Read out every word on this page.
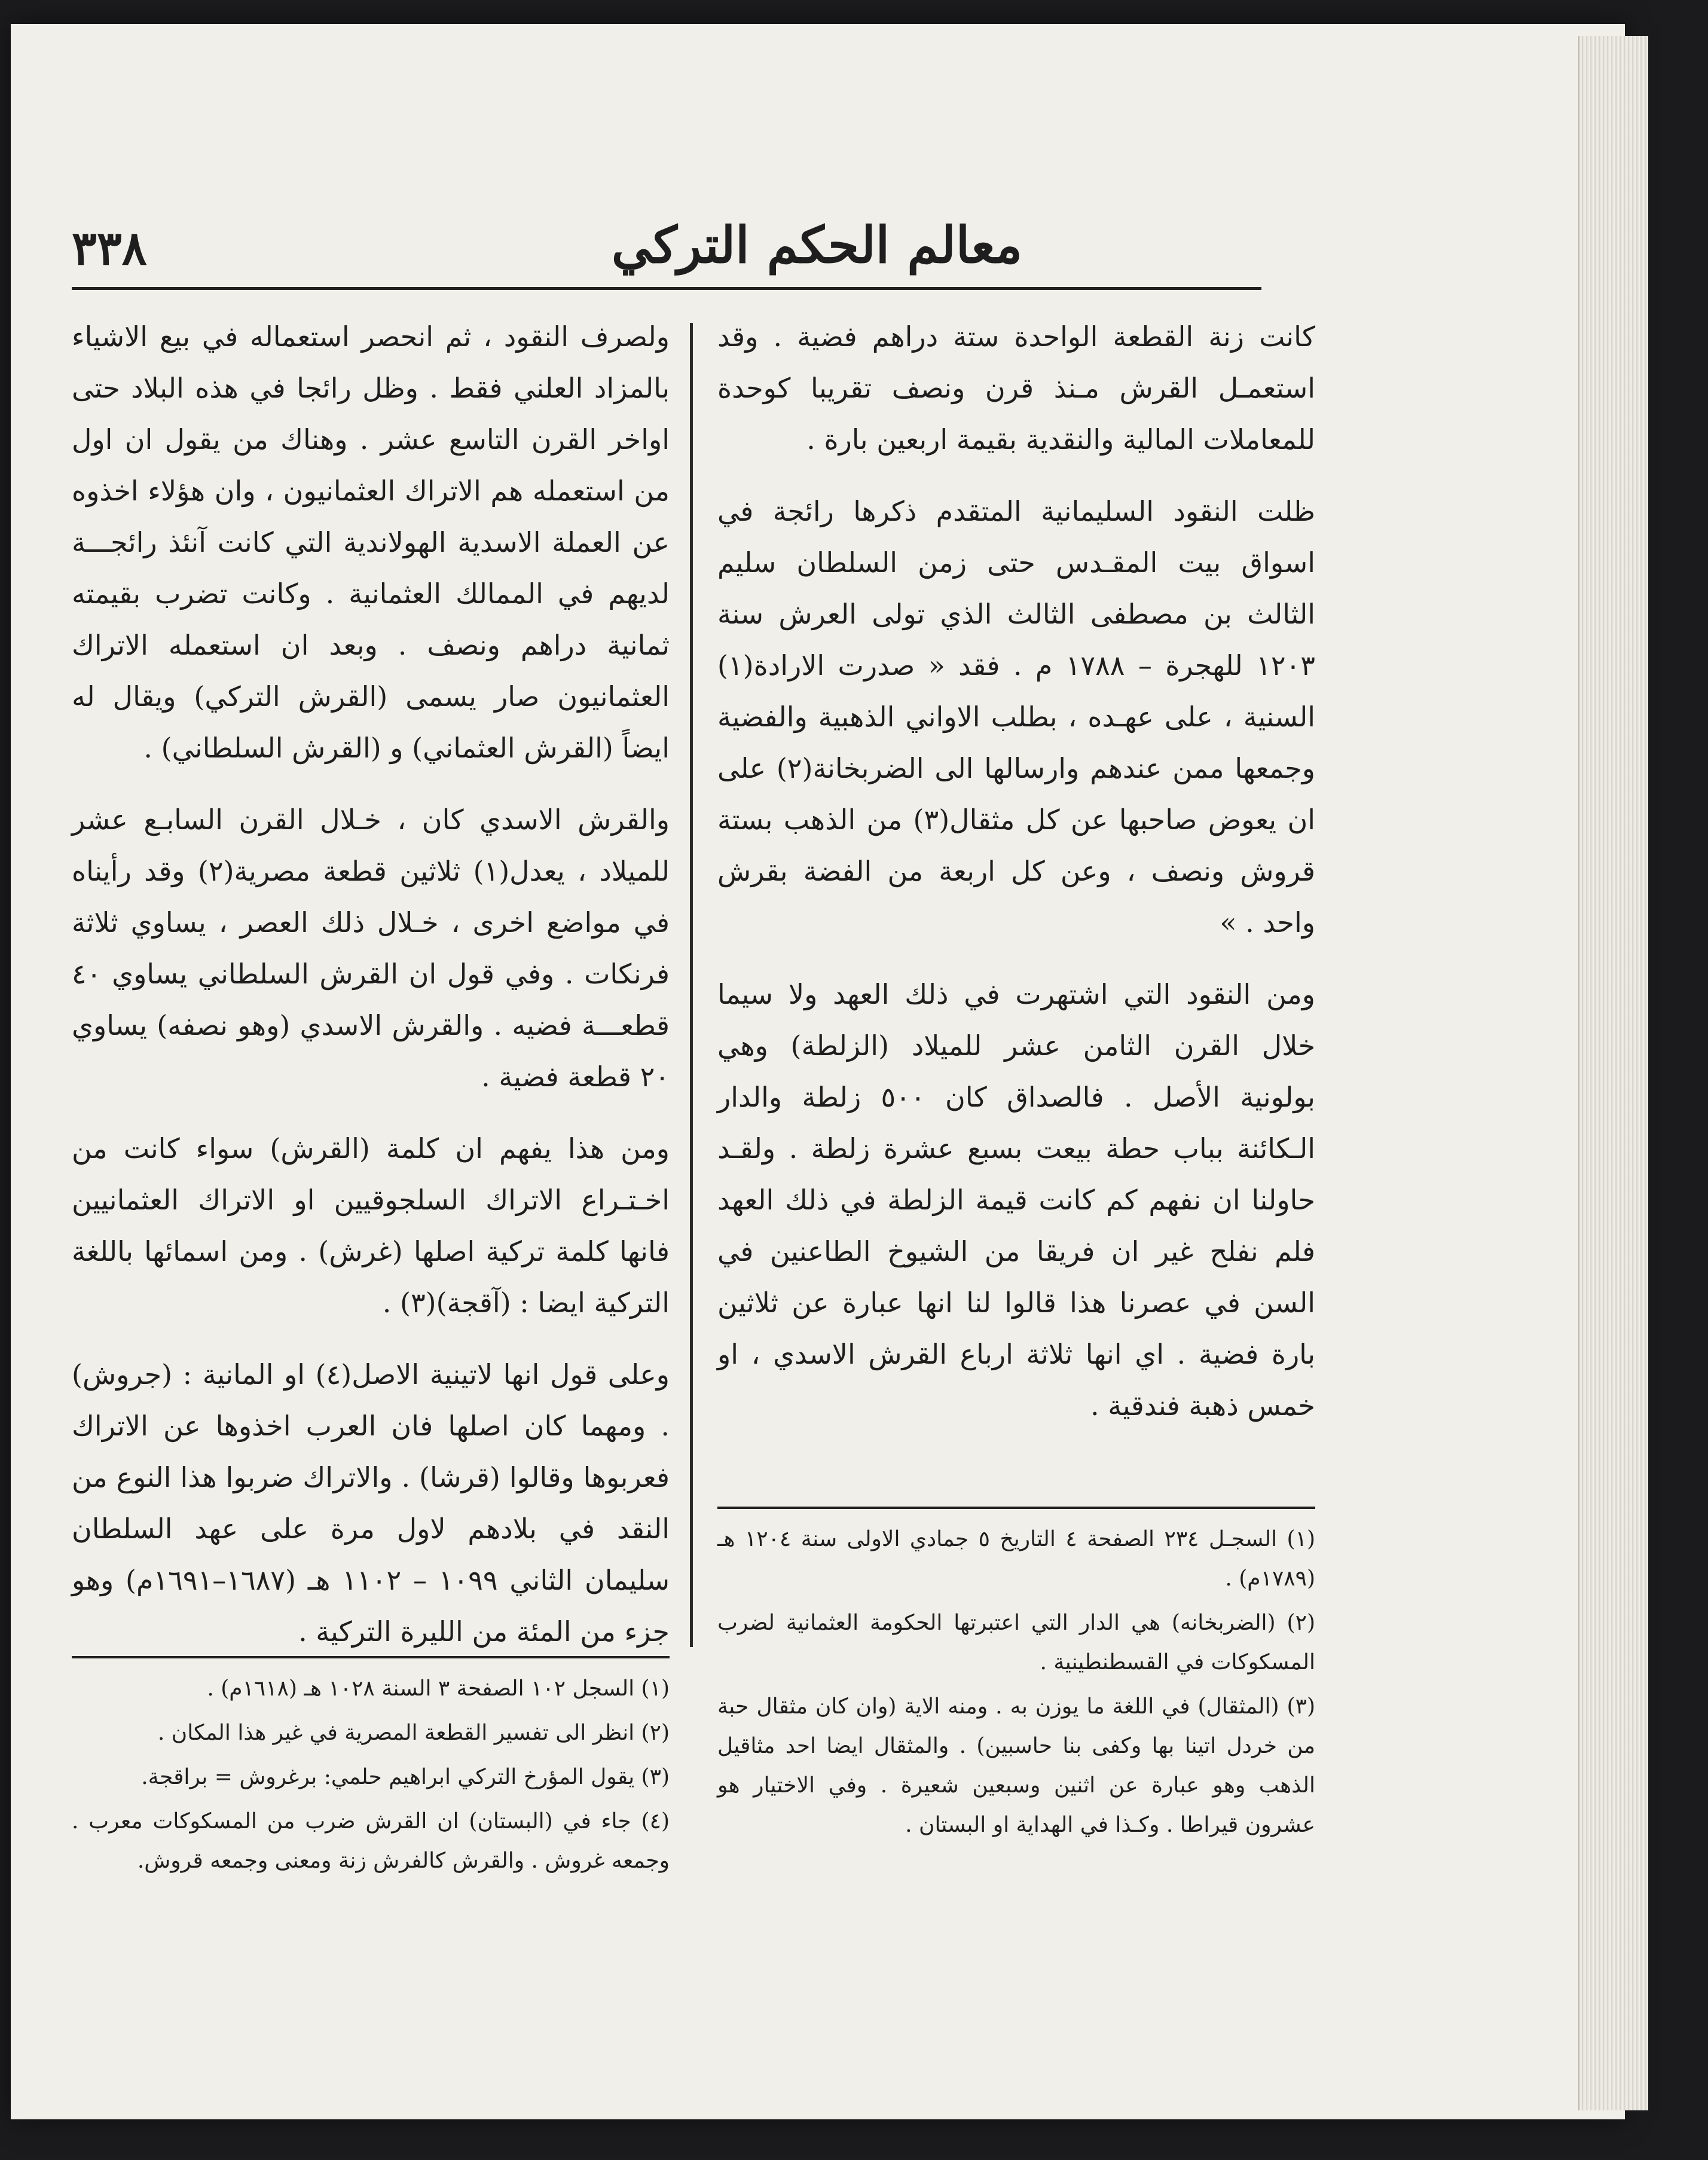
٣٣٨	معالم الحكم التركي

ولصرف النقود ، ثم انحصر استعماله في بيع الاشياء بالمزاد العلني فقط . وظل رائجا في هذه البلاد حتى اواخر القرن التاسع عشر . وهناك من يقول ان اول من استعمله هم الاتراك العثمانيون ، وان هؤلاء اخذوه عن العملة الاسدية الهولاندية التي كانت آنئذ رائجـــة لديهم في الممالك العثمانية . وكانت تضرب بقيمته ثمانية دراهم ونصف . وبعد ان استعمله الاتراك العثمانيون صار يسمى (القرش التركي) ويقال له ايضاً (القرش العثماني) و (القرش السلطاني) .

والقرش الاسدي كان ، خـلال القرن السابـع عشر للميلاد ، يعدل(١) ثلاثين قطعة مصرية(٢) وقد رأيناه في مواضع اخرى ، خـلال ذلك العصر ، يساوي ثلاثة فرنكات . وفي قول ان القرش السلطاني يساوي ٤٠ قطعـــة فضيه . والقرش الاسدي (وهو نصفه) يساوي ٢٠ قطعة فضية .

ومن هذا يفهم ان كلمة (القرش) سواء كانت من اخـتـراع الاتراك السلجوقيين او الاتراك العثمانيين فانها كلمة تركية اصلها (غرش) . ومن اسمائها باللغة التركية ايضا : (آقجة)(٣) .

وعلى قول انها لاتينية الاصل(٤) او المانية : (جروش) . ومهما كان اصلها فان العرب اخذوها عن الاتراك فعربوها وقالوا (قرشا) . والاتراك ضربوا هذا النوع من النقد في بلادهم لاول مرة على عهد السلطان سليمان الثاني ١٠٩٩ – ١١٠٢ هـ (١٦٨٧–١٦٩١م) وهو جزء من المئة من الليرة التركية .

كانت زنة القطعة الواحدة ستة دراهم فضية . وقد استعمـل القرش مـنذ قرن ونصف تقريبا كوحدة للمعاملات المالية والنقدية بقيمة اربعين بارة .

ظلت النقود السليمانية المتقدم ذكرها رائجة في اسواق بيت المقـدس حتى زمن السلطان سليم الثالث بن مصطفى الثالث الذي تولى العرش سنة ١٢٠٣ للهجرة – ١٧٨٨ م . فقد « صدرت الارادة(١) السنية ، على عهـده ، بطلب الاواني الذهبية والفضية وجمعها ممن عندهم وارسالها الى الضربخانة(٢) على ان يعوض صاحبها عن كل مثقال(٣) من الذهب بستة قروش ونصف ، وعن كل اربعة من الفضة بقرش واحد . »

ومن النقود التي اشتهرت في ذلك العهد ولا سيما خلال القرن الثامن عشر للميلاد (الزلطة) وهي بولونية الأصل . فالصداق كان ٥٠٠ زلطة والدار الـكائنة بباب حطة بيعت بسبع عشرة زلطة . ولقـد حاولنا ان نفهم كم كانت قيمة الزلطة في ذلك العهد فلم نفلح غير ان فريقا من الشيوخ الطاعنين في السن في عصرنا هذا قالوا لنا انها عبارة عن ثلاثين بارة فضية . اي انها ثلاثة ارباع القرش الاسدي ، او خمس ذهبة فندقية .

(١) السجل ١٠٢ الصفحة ٣ السنة ١٠٢٨ هـ (١٦١٨م) .

(٢) انظر الى تفسير القطعة المصرية في غير هذا المكان .

(٣) يقول المؤرخ التركي ابراهيم حلمي: برغروش = براقجة.

(٤) جاء في (البستان) ان القرش ضرب من المسكوكات معرب . وجمعه غروش . والقرش كالفرش زنة ومعنى وجمعه قروش.

(١) السجـل ٢٣٤ الصفحة ٤ التاريخ ٥ جمادي الاولى سنة ١٢٠٤ هـ (١٧٨٩م) .

(٢) (الضربخانه) هي الدار التي اعتبرتها الحكومة العثمانية لضرب المسكوكات في القسطنطينية .

(٣) (المثقال) في اللغة ما يوزن به . ومنه الاية (وان كان مثقال حبة من خردل اتينا بها وكفى بنا حاسبين) . والمثقال ايضا احد مثاقيل الذهب وهو عبارة عن اثنين وسبعين شعيرة . وفي الاختيار هو عشرون قيراطا . وكـذا في الهداية او البستان .
